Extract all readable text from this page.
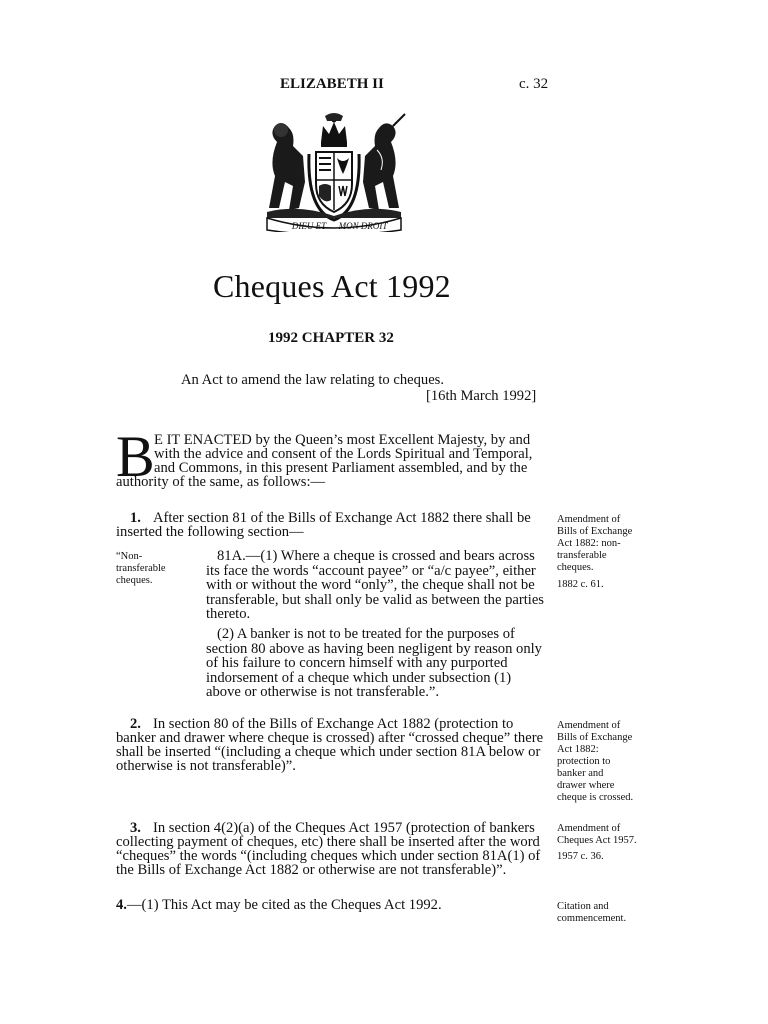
ELIZABETH II	c. 32
DIEU ET MON DROIT
Cheques Act 1992
1992 CHAPTER 32
An Act to amend the law relating to cheques.
[16th March 1992]
B E IT ENACTED by the Queen’s most Excellent Majesty, by and
with the advice and consent of the Lords Spiritual and Temporal,
and Commons, in this present Parliament assembled, and by the
authority of the same, as follows:—
1. After section 81 of the Bills of Exchange Act 1882 there shall be
inserted the following section—
Amendment of
Bills of Exchange
Act 1882: non-
transferable
cheques.
1882 c. 61.
“Non-
transferable
cheques.
81A.—(1) Where a cheque is crossed and bears across
its face the words “account payee” or “a/c payee”, either
with or without the word “only”, the cheque shall not be
transferable, but shall only be valid as between the parties
thereto.
(2) A banker is not to be treated for the purposes of
section 80 above as having been negligent by reason only
of his failure to concern himself with any purported
indorsement of a cheque which under subsection (1)
above or otherwise is not transferable.”.
2. In section 80 of the Bills of Exchange Act 1882 (protection to
banker and drawer where cheque is crossed) after “crossed cheque” there
shall be inserted “(including a cheque which under section 81A below or
otherwise is not transferable)”.
Amendment of
Bills of Exchange
Act 1882:
protection to
banker and
drawer where
cheque is crossed.
3. In section 4(2)(a) of the Cheques Act 1957 (protection of bankers
collecting payment of cheques, etc) there shall be inserted after the word
“cheques” the words “(including cheques which under section 81A(1) of
the Bills of Exchange Act 1882 or otherwise are not transferable)”.
Amendment of
Cheques Act 1957.
1957 c. 36.
4.—(1) This Act may be cited as the Cheques Act 1992.	Citation and
commencement.
